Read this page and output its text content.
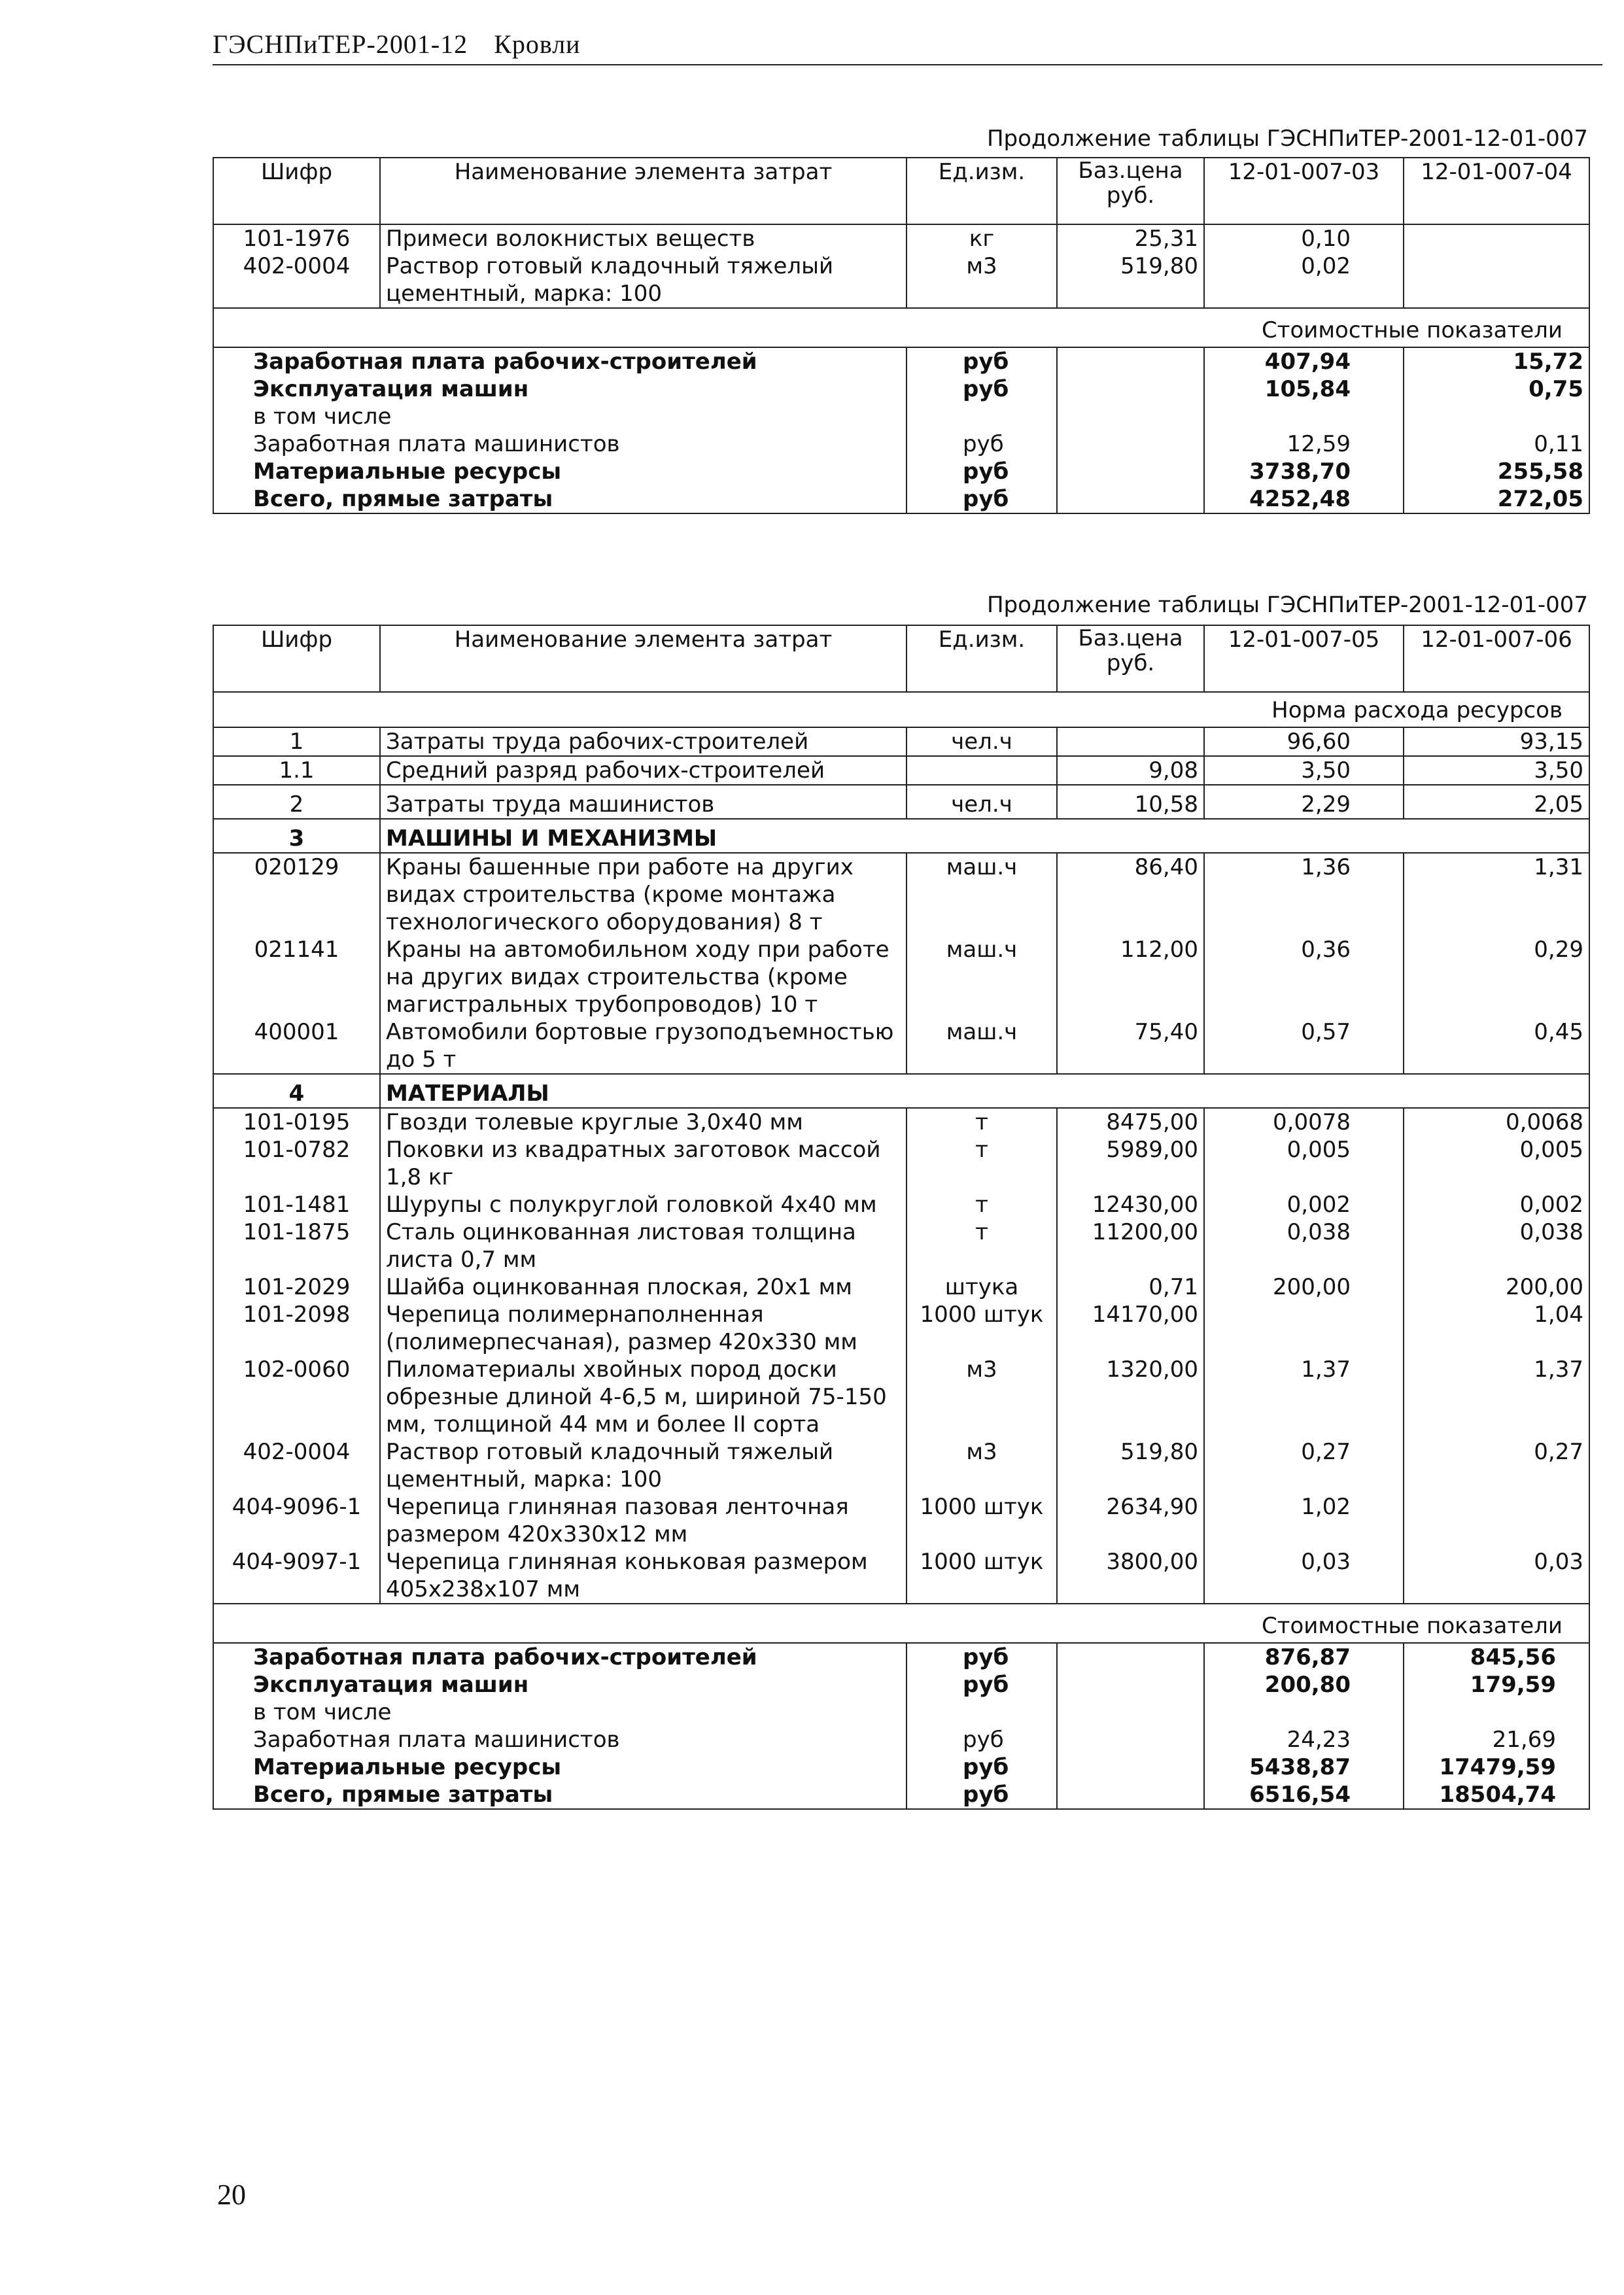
ГЭСНПиТЕР-2001-12 Кровли
Продолжение таблицы ГЭСНПиТЕР-2001-12-01-007
Шифр	Наименование элемента затрат	Ед.изм.	Баз.цена руб.	12-01-007-03	12-01-007-04
101-1976	Примеси волокнистых веществ	кг	25,31	0,10	
402-0004	Раствор готовый кладочный тяжелый цементный, марка: 100	м3	519,80	0,02	
Стоимостные показатели					
Заработная плата рабочих-строителей		руб		407,94	15,72
Эксплуатация машин		руб		105,84	0,75
в том числе					
Заработная плата машинистов		руб		12,59	0,11
Материальные ресурсы		руб		3738,70	255,58
Всего, прямые затраты		руб		4252,48	272,05
Продолжение таблицы ГЭСНПиТЕР-2001-12-01-007
Шифр	Наименование элемента затрат	Ед.изм.	Баз.цена руб.	12-01-007-05	12-01-007-06
Норма расхода ресурсов					
1	Затраты труда рабочих-строителей	чел.ч		96,60	93,15
1.1	Средний разряд рабочих-строителей		9,08	3,50	3,50
2	Затраты труда машинистов	чел.ч	10,58	2,29	2,05
3	МАШИНЫ И МЕХАНИЗМЫ				
020129	Краны башенные при работе на других видах строительства (кроме монтажа технологического оборудования) 8 т	маш.ч	86,40	1,36	1,31
021141	Краны на автомобильном ходу при работе на других видах строительства (кроме магистральных трубопроводов) 10 т	маш.ч	112,00	0,36	0,29
400001	Автомобили бортовые грузоподъемностью до 5 т	маш.ч	75,40	0,57	0,45
4	МАТЕРИАЛЫ				
101-0195	Гвозди толевые круглые 3,0х40 мм	т	8475,00	0,0078	0,0068
101-0782	Поковки из квадратных заготовок массой 1,8 кг	т	5989,00	0,005	0,005
101-1481	Шурупы с полукруглой головкой 4х40 мм	т	12430,00	0,002	0,002
101-1875	Сталь оцинкованная листовая толщина листа 0,7 мм	т	11200,00	0,038	0,038
101-2029	Шайба оцинкованная плоская, 20х1 мм	штука	0,71	200,00	200,00
101-2098	Черепица полимернаполненная (полимерпесчаная), размер 420х330 мм	1000 штук	14170,00		1,04
102-0060	Пиломатериалы хвойных пород доски обрезные длиной 4-6,5 м, шириной 75-150 мм, толщиной 44 мм и более II сорта	м3	1320,00	1,37	1,37
402-0004	Раствор готовый кладочный тяжелый цементный, марка: 100	м3	519,80	0,27	0,27
404-9096-1	Черепица глиняная пазовая ленточная размером 420х330х12 мм	1000 штук	2634,90	1,02	
404-9097-1	Черепица глиняная коньковая размером 405х238х107 мм	1000 штук	3800,00	0,03	0,03
Стоимостные показатели					
Заработная плата рабочих-строителей		руб		876,87	845,56
Эксплуатация машин		руб		200,80	179,59
в том числе					
Заработная плата машинистов		руб		24,23	21,69
Материальные ресурсы		руб		5438,87	17479,59
Всего, прямые затраты		руб		6516,54	18504,74
20
